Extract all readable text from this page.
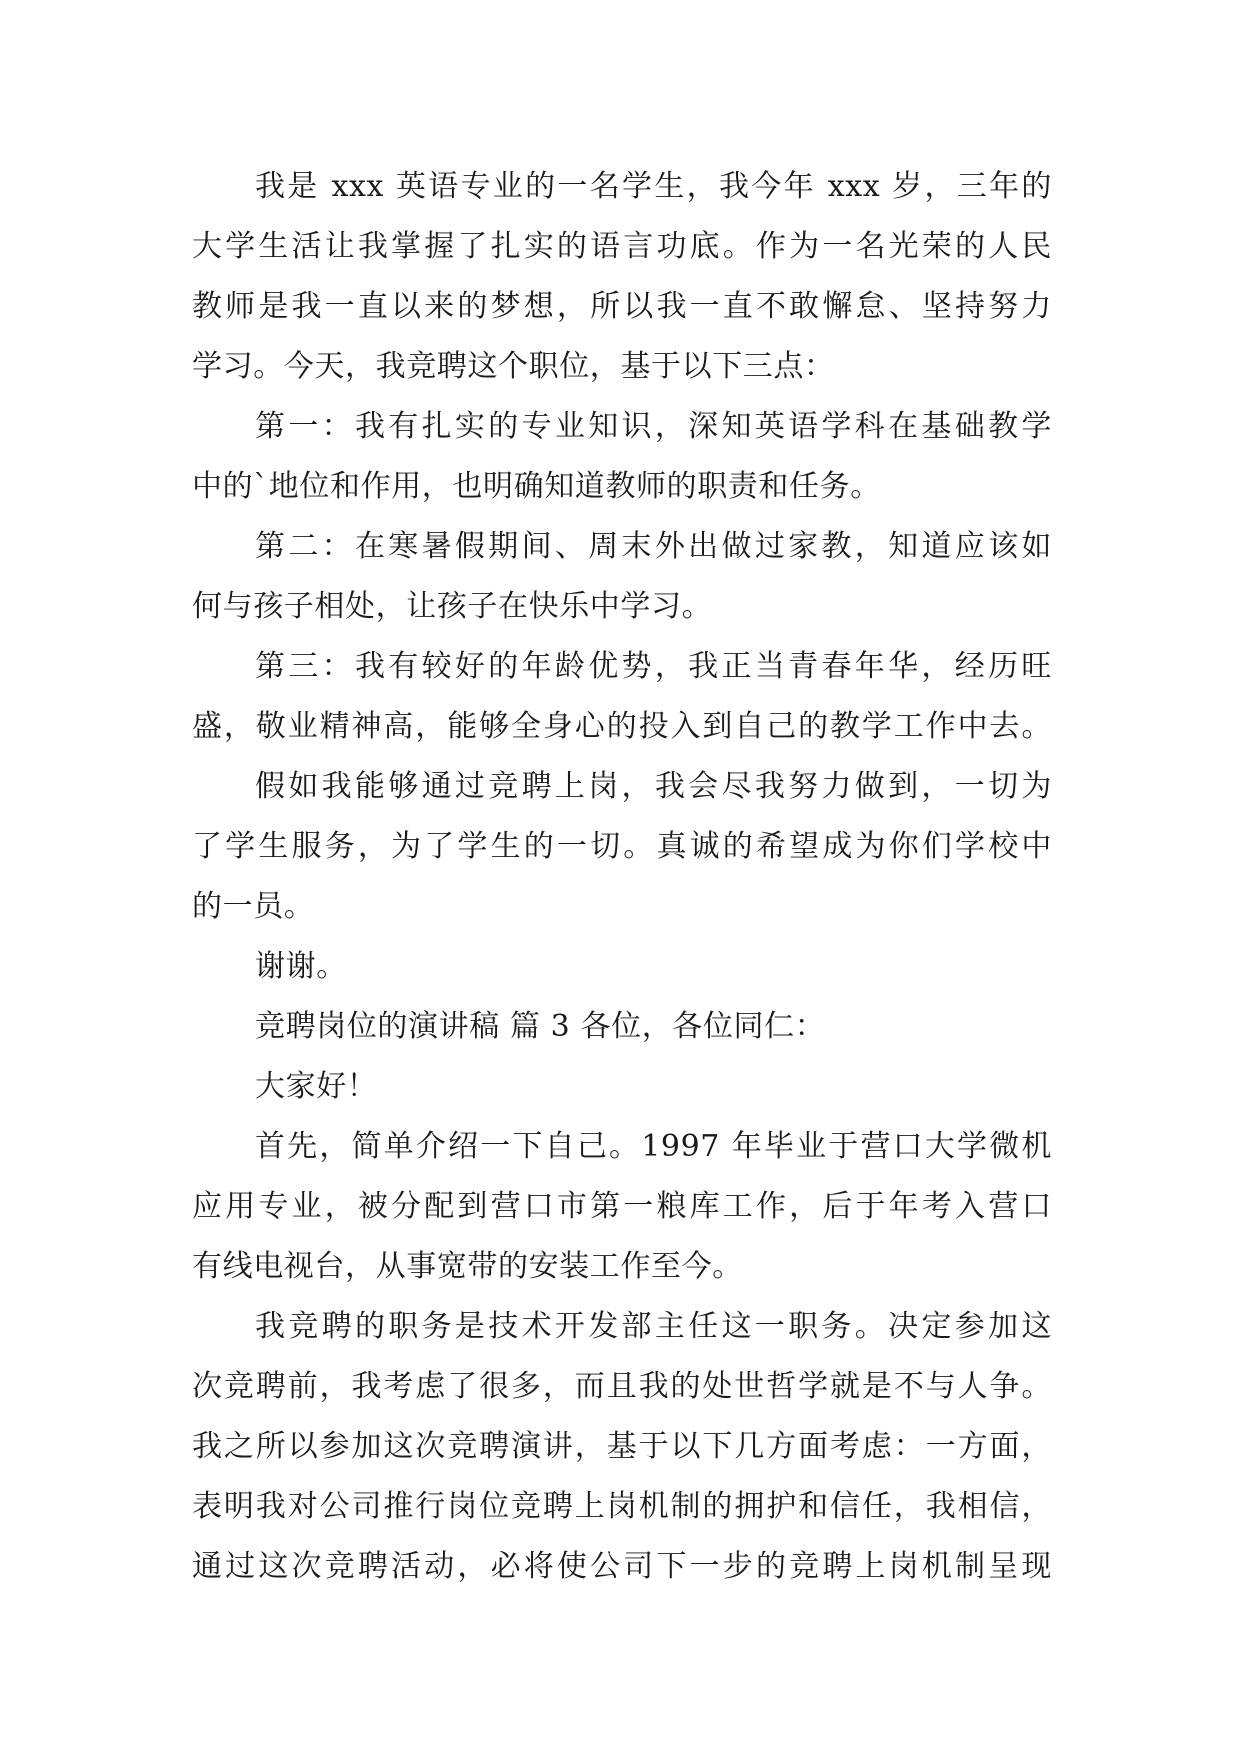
我是 xxx 英语专业的一名学生，我今年 xxx 岁，三年的
大学生活让我掌握了扎实的语言功底。作为一名光荣的人民
教师是我一直以来的梦想，所以我一直不敢懈怠、坚持努力
学习。今天，我竞聘这个职位，基于以下三点：
第一：我有扎实的专业知识，深知英语学科在基础教学
中的`地位和作用，也明确知道教师的职责和任务。
第二：在寒暑假期间、周末外出做过家教，知道应该如
何与孩子相处，让孩子在快乐中学习。
第三：我有较好的年龄优势，我正当青春年华，经历旺
盛，敬业精神高，能够全身心的投入到自己的教学工作中去。
假如我能够通过竞聘上岗，我会尽我努力做到，一切为
了学生服务，为了学生的一切。真诚的希望成为你们学校中
的一员。
谢谢。
竞聘岗位的演讲稿 篇 3 各位，各位同仁：
大家好！
首先，简单介绍一下自己。1997 年毕业于营口大学微机
应用专业，被分配到营口市第一粮库工作，后于年考入营口
有线电视台，从事宽带的安装工作至今。
我竞聘的职务是技术开发部主任这一职务。决定参加这
次竞聘前，我考虑了很多，而且我的处世哲学就是不与人争。
我之所以参加这次竞聘演讲，基于以下几方面考虑：一方面，
表明我对公司推行岗位竞聘上岗机制的拥护和信任，我相信，
通过这次竞聘活动，必将使公司下一步的竞聘上岗机制呈现
